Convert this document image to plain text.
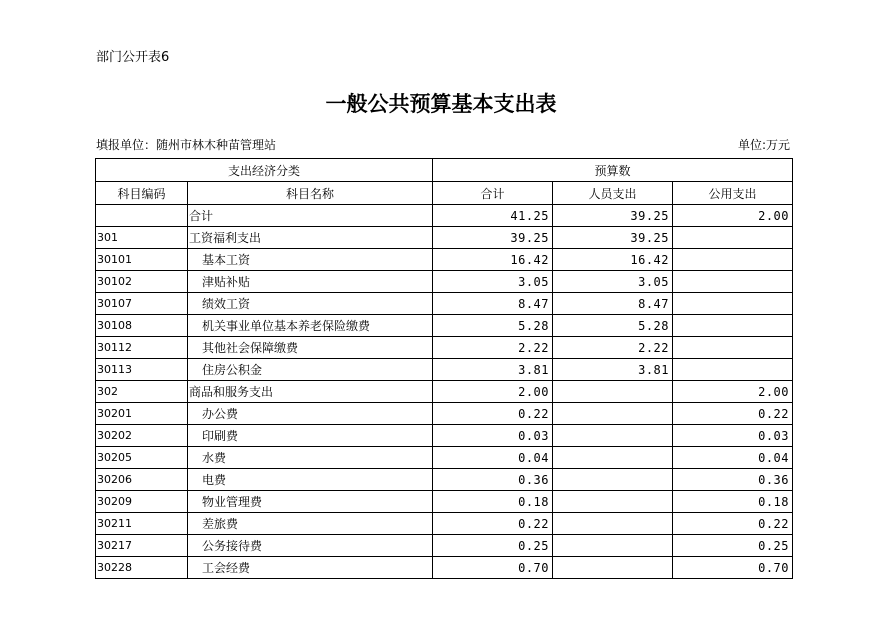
部门公开表6
一般公共预算基本支出表
填报单位：随州市林木种苗管理站	单位:万元
支出经济分类		预算数		
科目编码	科目名称	合计	人员支出	公用支出
	合计	41.25	39.25	2.00
301	工资福利支出	39.25	39.25	
30101	基本工资	16.42	16.42	
30102	津贴补贴	3.05	3.05	
30107	绩效工资	8.47	8.47	
30108	机关事业单位基本养老保险缴费	5.28	5.28	
30112	其他社会保障缴费	2.22	2.22	
30113	住房公积金	3.81	3.81	
302	商品和服务支出	2.00		2.00
30201	办公费	0.22		0.22
30202	印刷费	0.03		0.03
30205	水费	0.04		0.04
30206	电费	0.36		0.36
30209	物业管理费	0.18		0.18
30211	差旅费	0.22		0.22
30217	公务接待费	0.25		0.25
30228	工会经费	0.70		0.70
